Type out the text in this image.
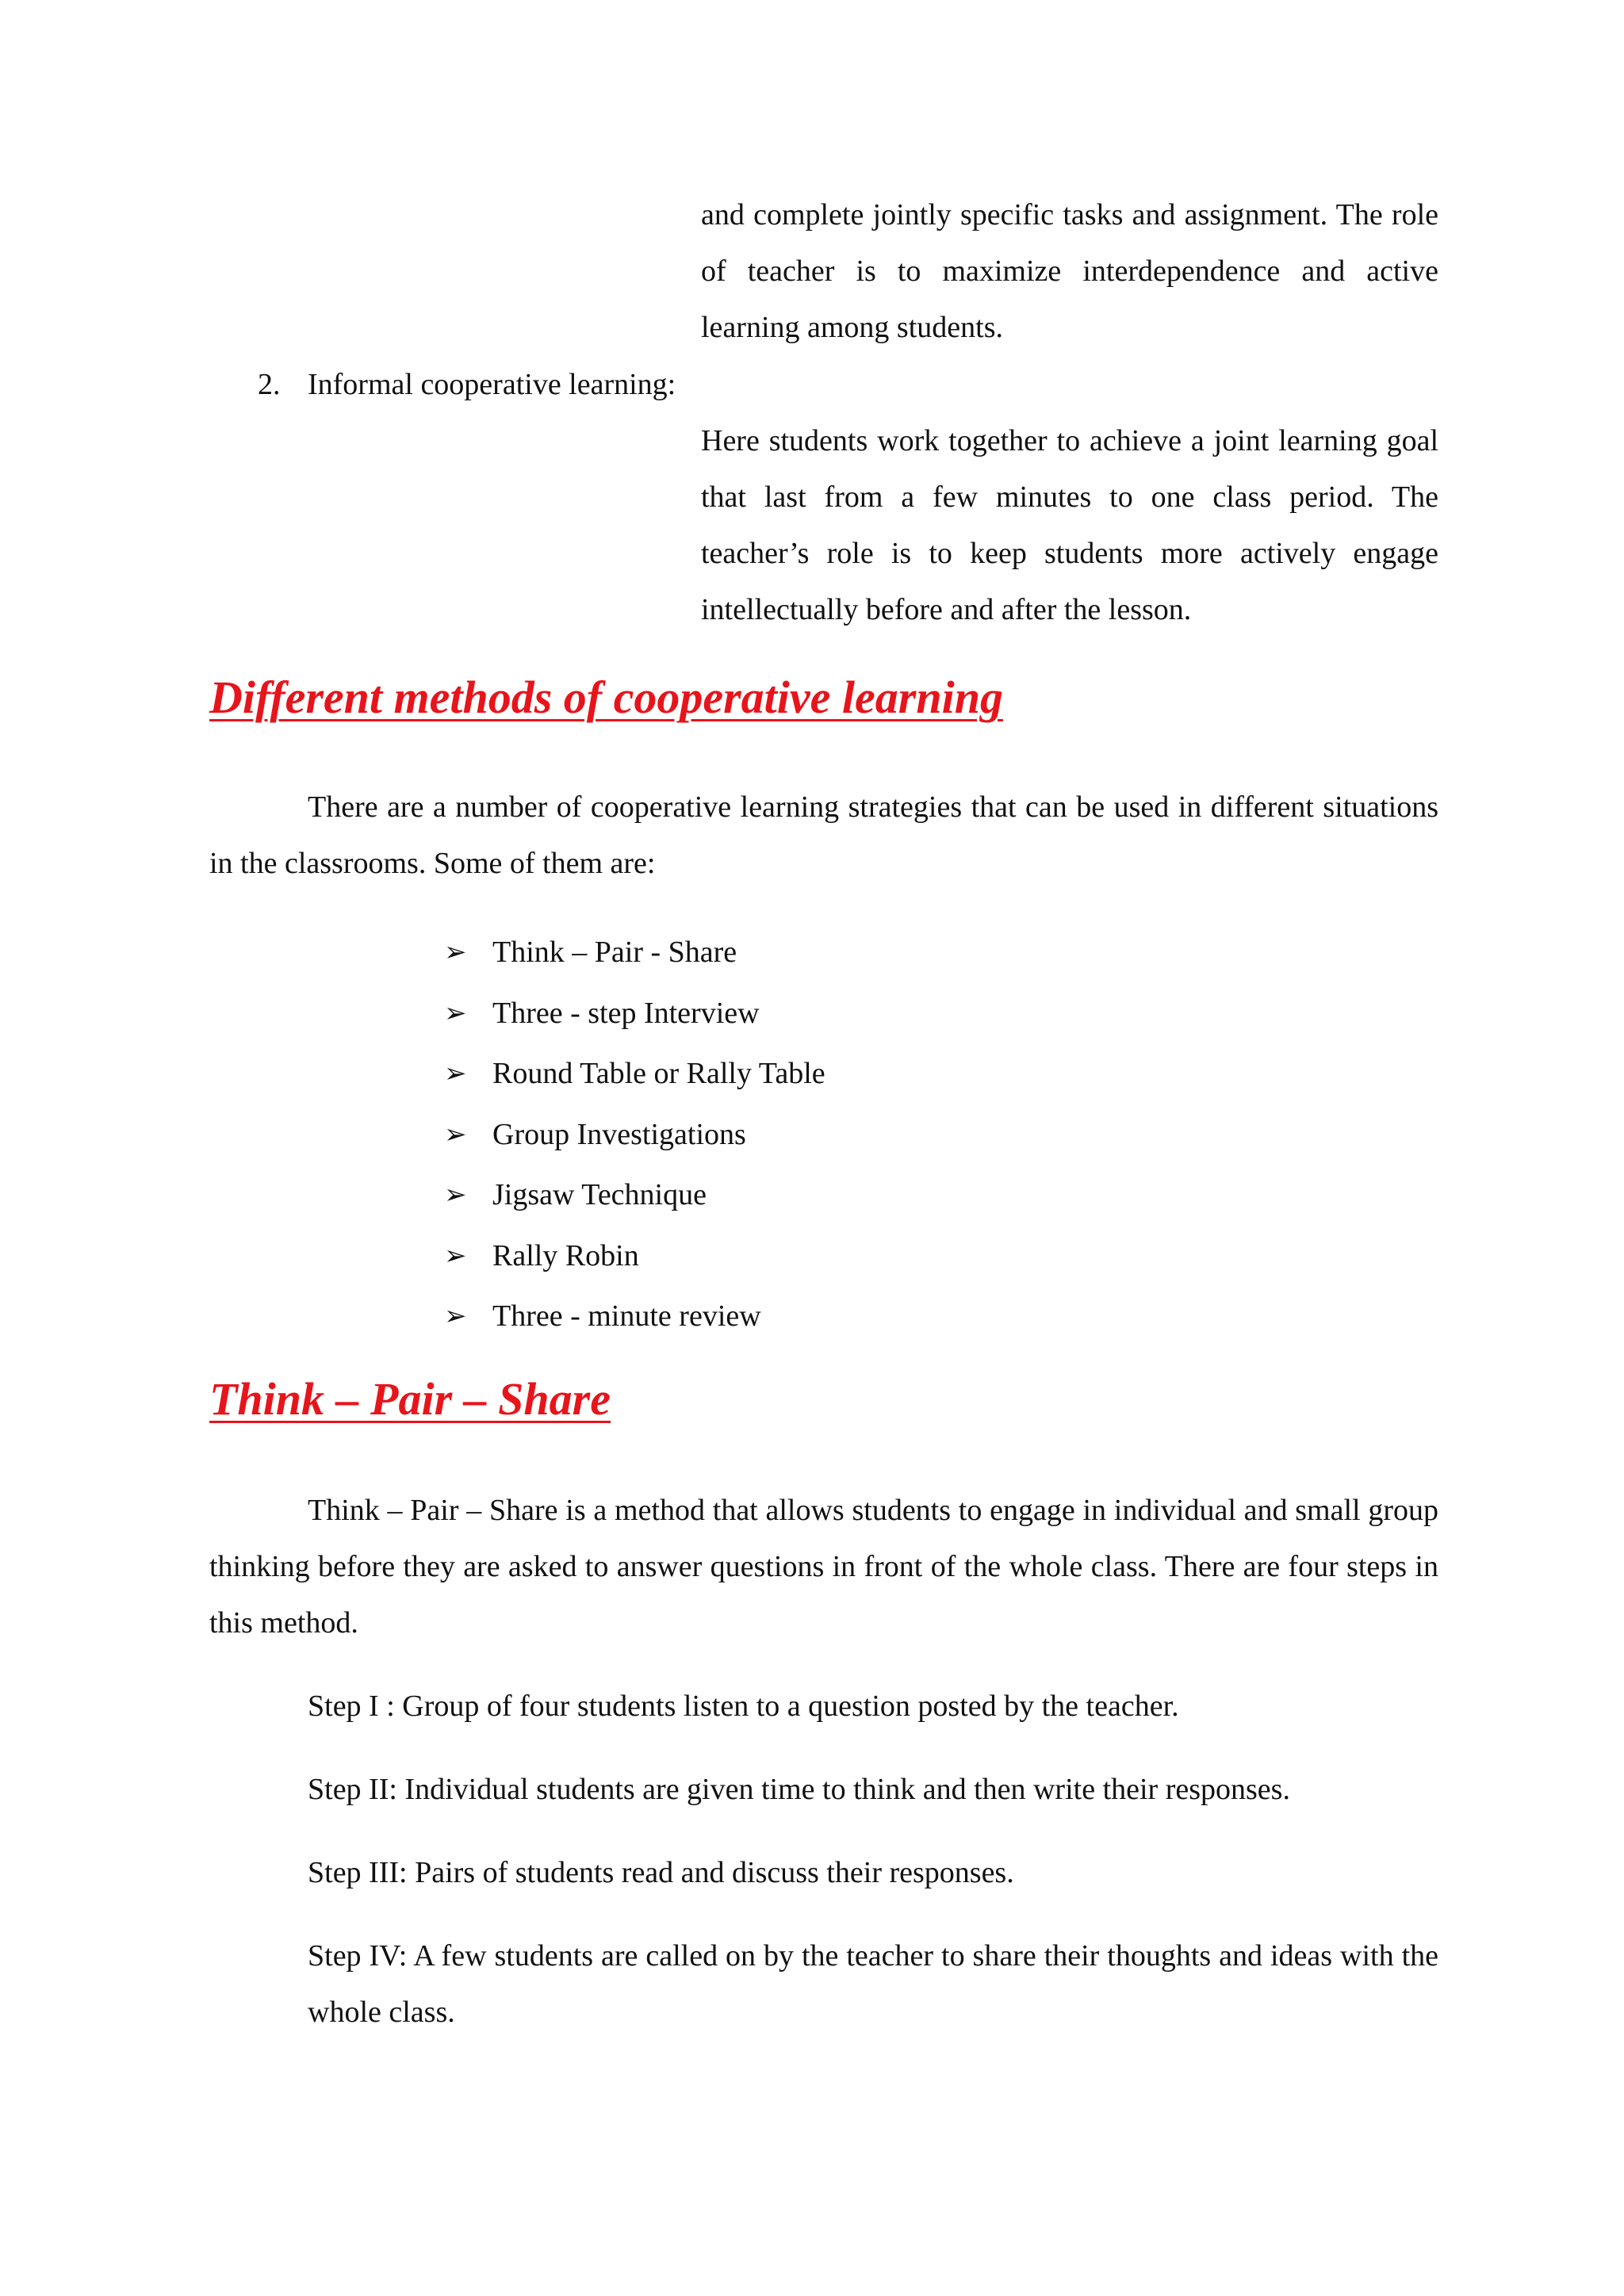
and complete jointly specific tasks and assignment. The role of teacher is to maximize interdependence and active learning among students.
2. Informal cooperative learning:
Here students work together to achieve a joint learning goal that last from a few minutes to one class period. The teacher’s role is to keep students more actively engage intellectually before and after the lesson.
Different methods of cooperative learning
There are a number of cooperative learning strategies that can be used in different situations in the classrooms. Some of them are:
➢ Think – Pair - Share
➢ Three - step Interview
➢ Round Table or Rally Table
➢ Group Investigations
➢ Jigsaw Technique
➢ Rally Robin
➢ Three - minute review
Think – Pair – Share
Think – Pair – Share is a method that allows students to engage in individual and small group thinking before they are asked to answer questions in front of the whole class. There are four steps in this method.
Step I : Group of four students listen to a question posted by the teacher.
Step II: Individual students are given time to think and then write their responses.
Step III: Pairs of students read and discuss their responses.
Step IV: A few students are called on by the teacher to share their thoughts and ideas with the whole class.
